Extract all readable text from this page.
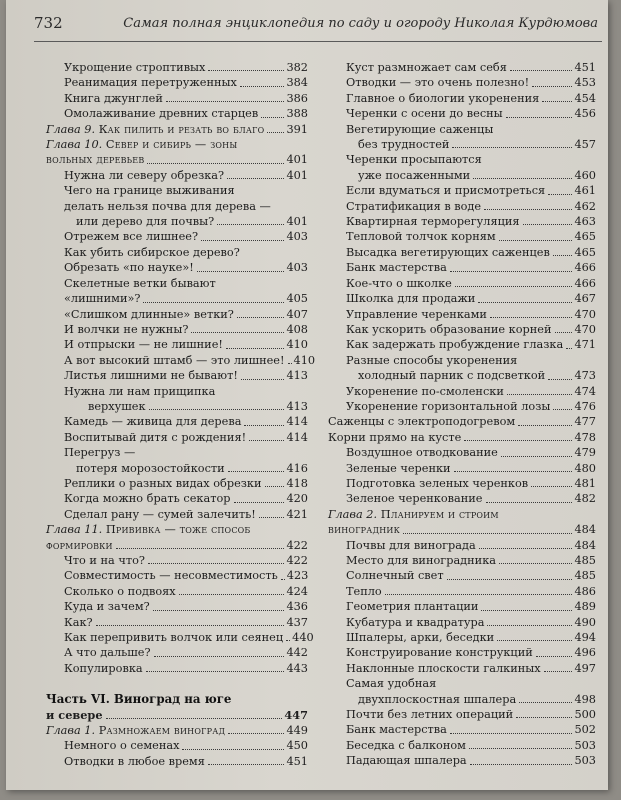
732	Самая полная энциклопедия по саду и огороду Николая Курдюмова
Укрощение строптивых	382
Реанимация перетруженных	384
Книга джунглей	386
Омолаживание древних старцев 388
Глава 9. Как пилить и резать во благо 391
Глава 10. Север и сибирь — зоны
вольных деревьев	401
Нужна ли северу обрезка?	401
Чего на границе выживания
делать нельзя почва для дерева —
или дерево для почвы?	401
Отрежем все лишнее?	403
Как убить сибирское дерево?
Обрезать «по науке»!	403
Скелетные ветки бывают
«лишними»?	405
«Слишком длинные» ветки?	407
И волчки не нужны?	408
И отпрыски — не лишние!	410
А вот высокий штамб — это лишнее! 410
Листья лишними не бывают!	413
Нужна ли нам прищипка
верхушек	413
Камедь — живица для дерева	414
Воспитывай дитя с рождения!	414
Перегруз —
потеря морозостойкости	416
Реплики о разных видах обрезки 418
Когда можно брать секатор	420
Сделал рану — сумей залечить!	421
Глава 11. Прививка — тоже способ
формировки	422
Что и на что?	422
Совместимость — несовместимость 423
Сколько о подвоях	424
Куда и зачем?	436
Как?	437
Как перепривить волчок или сеянец 440
А что дальше?	442
Копулировка	443
Часть VI. Виноград на юге
и севере	447
Глава 1. Размножаем виноград	449
Немного о семенах	450
Отводки в любое время	451
Куст размножает сам себя	451
Отводки — это очень полезно!	453
Главное о биологии укоренения	454
Черенки с осени до весны	456
Вегетирующие саженцы
без трудностей	457
Черенки просыпаются
уже посаженными	460
Если вдуматься и присмотреться	461
Стратификация в воде	462
Квартирная терморегуляция	463
Тепловой толчок корням	465
Высадка вегетирующих саженцев 465
Банк мастерства	466
Кое-что о школке	466
Школка для продажи	467
Управление черенками	470
Как ускорить образование корней 470
Как задержать пробуждение глазка 471
Разные способы укоренения
холодный парник с подсветкой	473
Укоренение по-смоленски	474
Укоренение горизонтальной лозы 476
Саженцы с электроподогревом	477
Корни прямо на кусте	478
Воздушное отводкование	479
Зеленые черенки	480
Подготовка зеленых черенков	481
Зеленое черенкование	482
Глава 2. Планируем и строим
виноградник	484
Почвы для винограда	484
Место для виноградника	485
Солнечный свет	485
Тепло	486
Геометрия плантации	489
Кубатура и квадратура	490
Шпалеры, арки, беседки	494
Конструирование конструкций	496
Наклонные плоскости галкиных	497
Самая удобная
двухплоскостная шпалера	498
Почти без летних операций	500
Банк мастерства	502
Беседка с балконом	503
Падающая шпалера	503
